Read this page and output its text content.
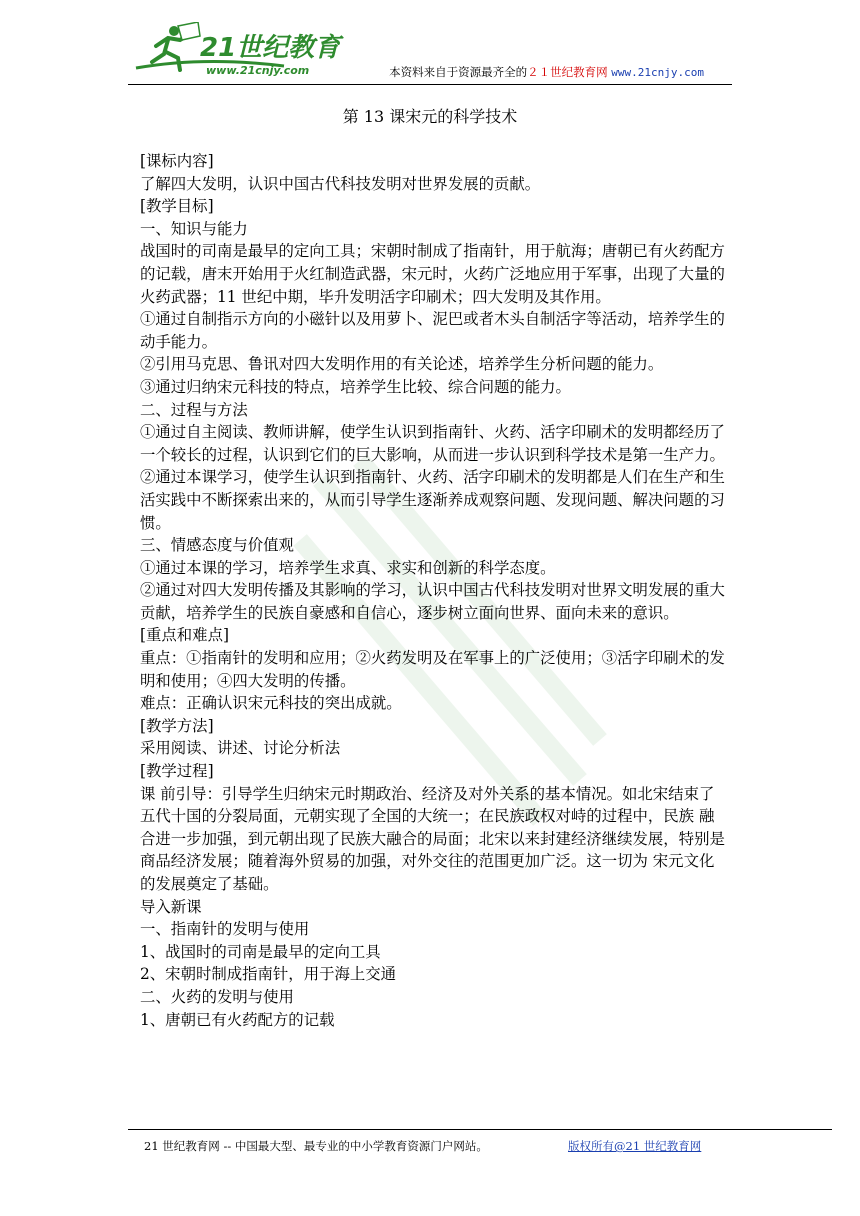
21世纪教育
www.21cnjy.com	本资料来自于资源最齐全的２１世纪教育网 www.21cnjy.com
第 13 课宋元的科学技术

[课标内容]

了解四大发明，认识中国古代科技发明对世界发展的贡献。

[教学目标]

一、知识与能力

战国时的司南是最早的定向工具；宋朝时制成了指南针，用于航海；唐朝已有火药配方的记载，唐末开始用于火红制造武器，宋元时，火药广泛地应用于军事，出现了大量的火药武器；11 世纪中期，毕升发明活字印刷术；四大发明及其作用。

①通过自制指示方向的小磁针以及用萝卜、泥巴或者木头自制活字等活动，培养学生的动手能力。

②引用马克思、鲁讯对四大发明作用的有关论述，培养学生分析问题的能力。

③通过归纳宋元科技的特点，培养学生比较、综合问题的能力。

二、过程与方法

①通过自主阅读、教师讲解，使学生认识到指南针、火药、活字印刷术的发明都经历了一个较长的过程，认识到它们的巨大影响，从而进一步认识到科学技术是第一生产力。

②通过本课学习，使学生认识到指南针、火药、活字印刷术的发明都是人们在生产和生活实践中不断探索出来的，从而引导学生逐渐养成观察问题、发现问题、解决问题的习惯。

三、情感态度与价值观

①通过本课的学习，培养学生求真、求实和创新的科学态度。

②通过对四大发明传播及其影响的学习，认识中国古代科技发明对世界文明发展的重大贡献，培养学生的民族自豪感和自信心，逐步树立面向世界、面向未来的意识。

[重点和难点]

重点：①指南针的发明和应用；②火药发明及在军事上的广泛使用；③活字印刷术的发明和使用；④四大发明的传播。

难点：正确认识宋元科技的突出成就。

[教学方法]

采用阅读、讲述、讨论分析法

[教学过程]

课 前引导：引导学生归纳宋元时期政治、经济及对外关系的基本情况。如北宋结束了五代十国的分裂局面，元朝实现了全国的大统一；在民族政权对峙的过程中，民族 融合进一步加强，到元朝出现了民族大融合的局面；北宋以来封建经济继续发展，特别是商品经济发展；随着海外贸易的加强，对外交往的范围更加广泛。这一切为 宋元文化的发展奠定了基础。

导入新课

一、指南针的发明与使用

1、战国时的司南是最早的定向工具

2、宋朝时制成指南针，用于海上交通

二、火药的发明与使用

1、唐朝已有火药配方的记载

21 世纪教育网 -- 中国最大型、最专业的中小学教育资源门户网站。	版权所有@21 世纪教育网
